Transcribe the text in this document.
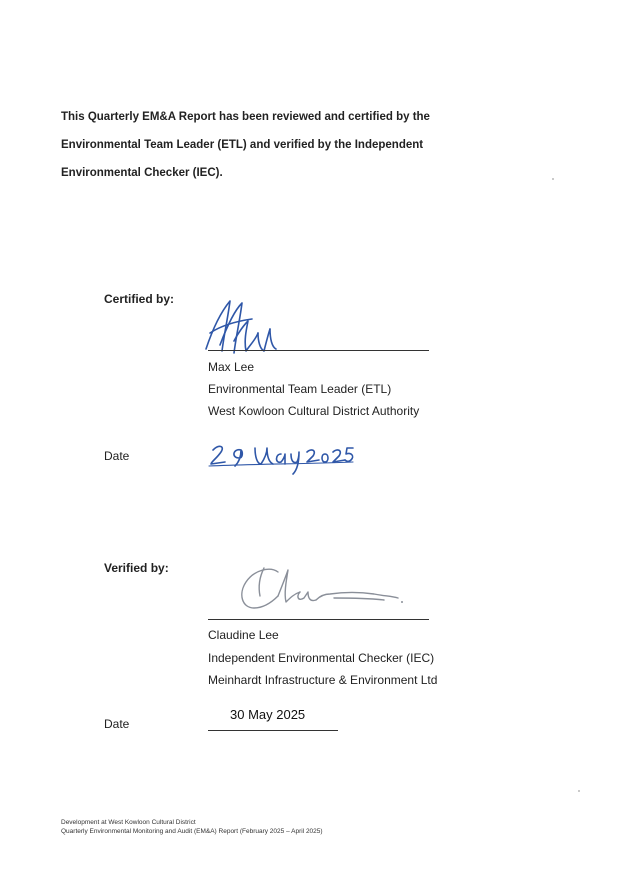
This Quarterly EM&A Report has been reviewed and certified by the
Environmental Team Leader (ETL) and verified by the Independent
Environmental Checker (IEC).
Certified by:
Max Lee
Environmental Team Leader (ETL)
West Kowloon Cultural District Authority
Date
Verified by:
Claudine Lee
Independent Environmental Checker (IEC)
Meinhardt Infrastructure & Environment Ltd
Date
30 May 2025
Development at West Kowloon Cultural District
Quarterly Environmental Monitoring and Audit (EM&A) Report (February 2025 – April 2025)
